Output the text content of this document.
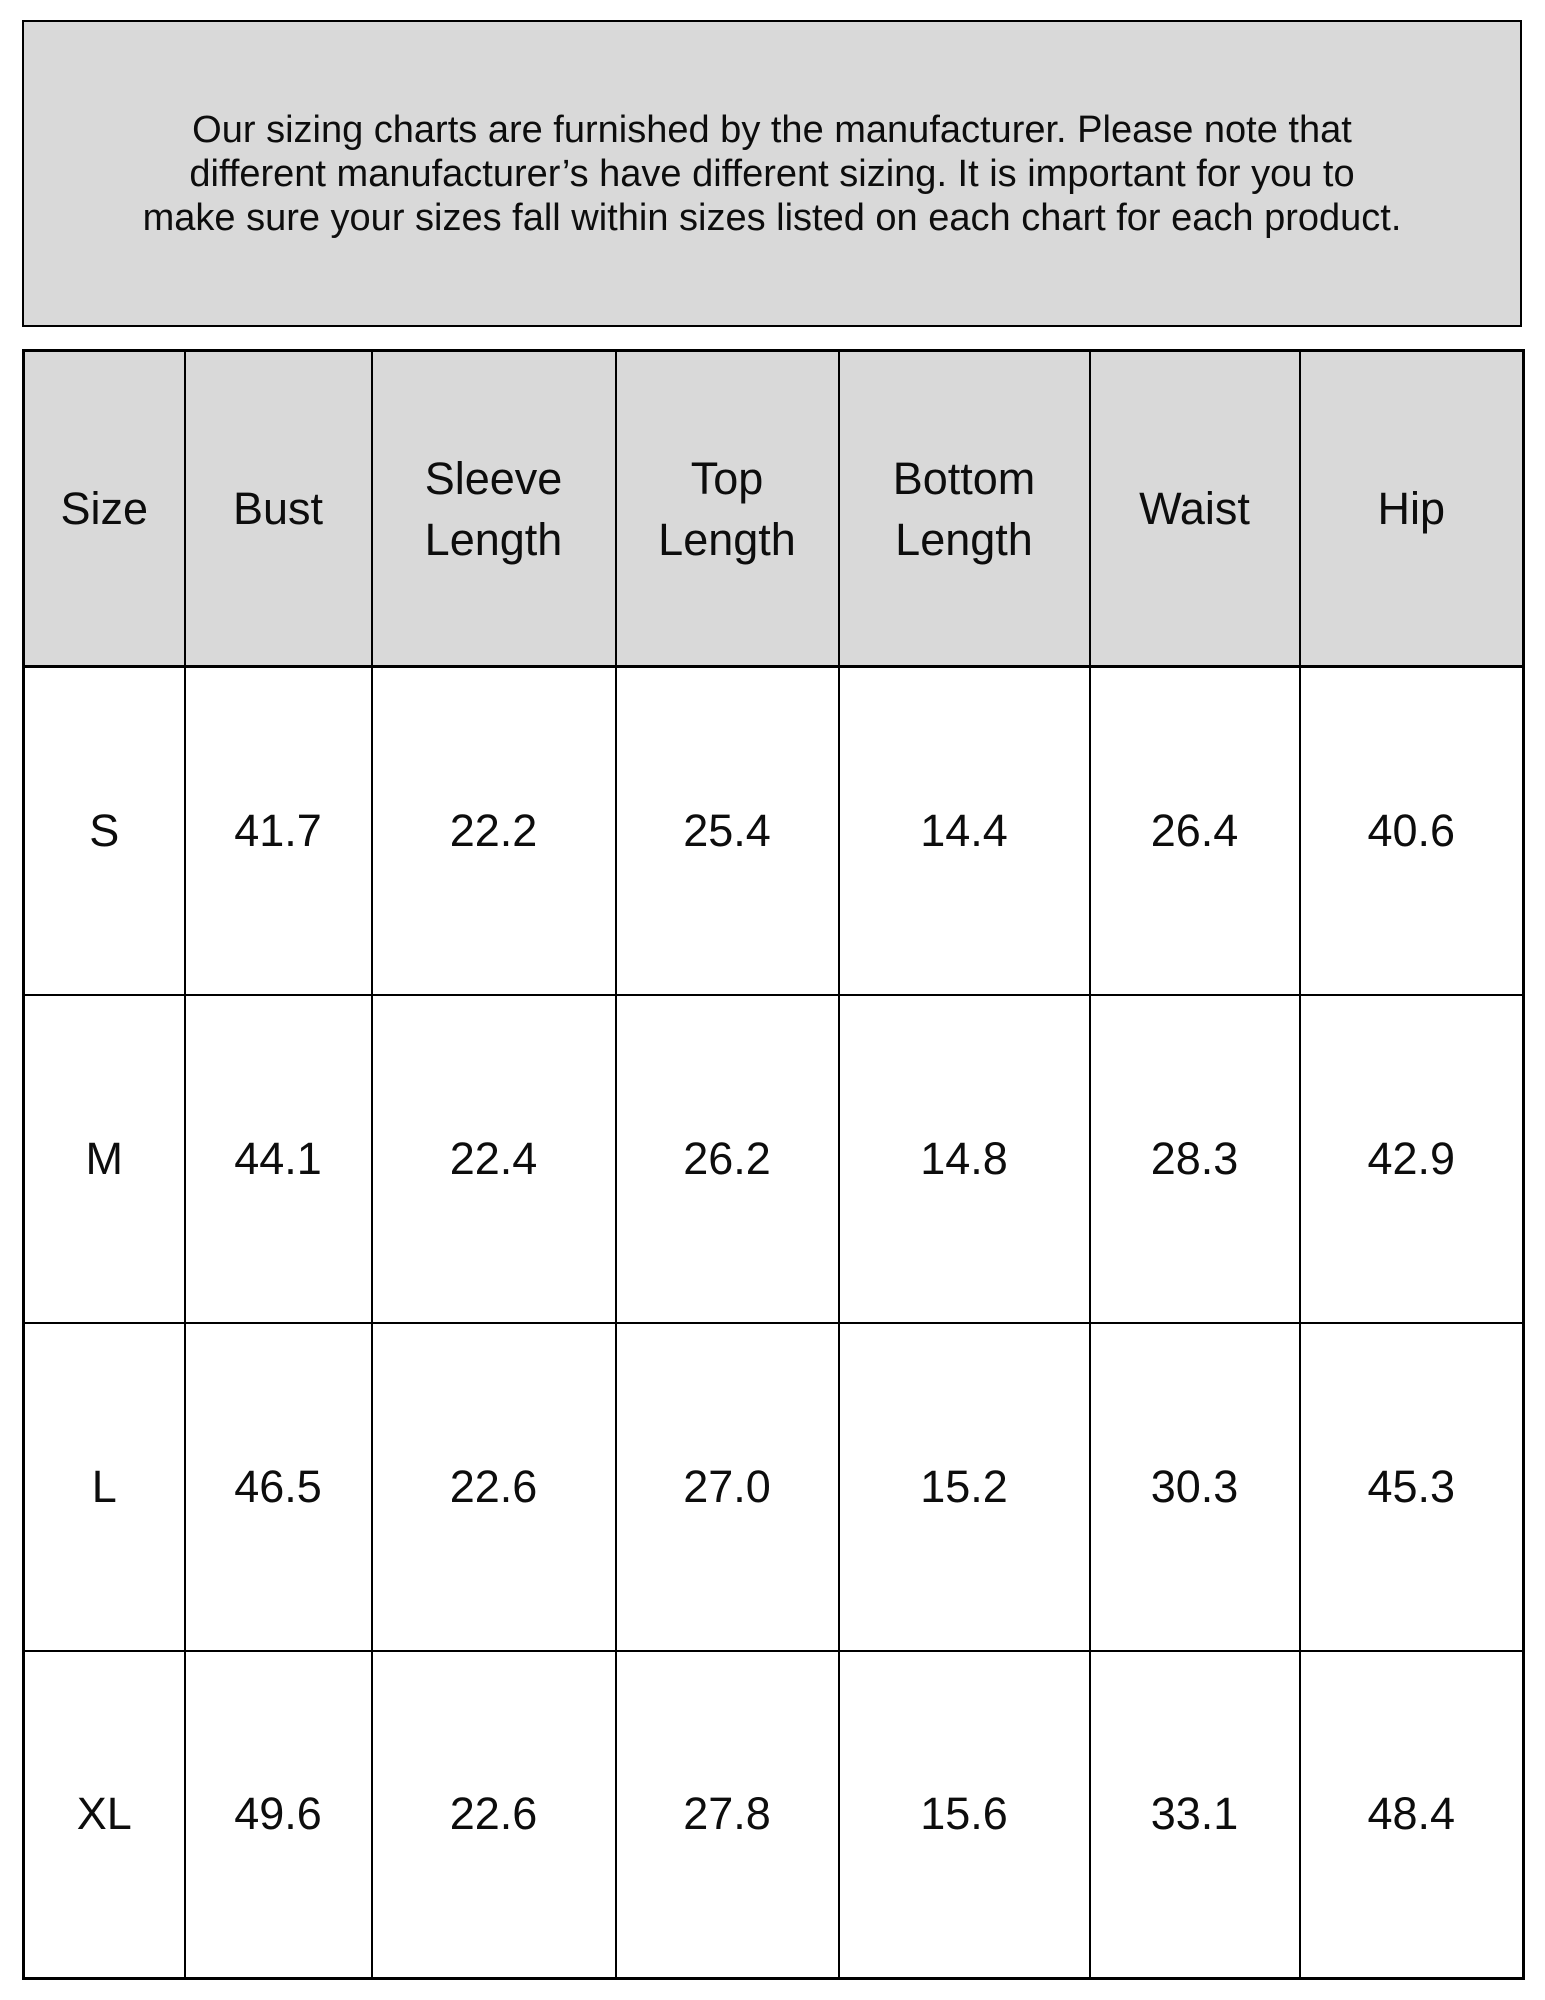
Our sizing charts are furnished by the manufacturer. Please note that
different manufacturer’s have different sizing. It is important for you to
make sure your sizes fall within sizes listed on each chart for each product.
Size	Bust	Sleeve Length	Top Length	Bottom Length	Waist	Hip
S	41.7	22.2	25.4	14.4	26.4	40.6
M	44.1	22.4	26.2	14.8	28.3	42.9
L	46.5	22.6	27.0	15.2	30.3	45.3
XL	49.6	22.6	27.8	15.6	33.1	48.4
